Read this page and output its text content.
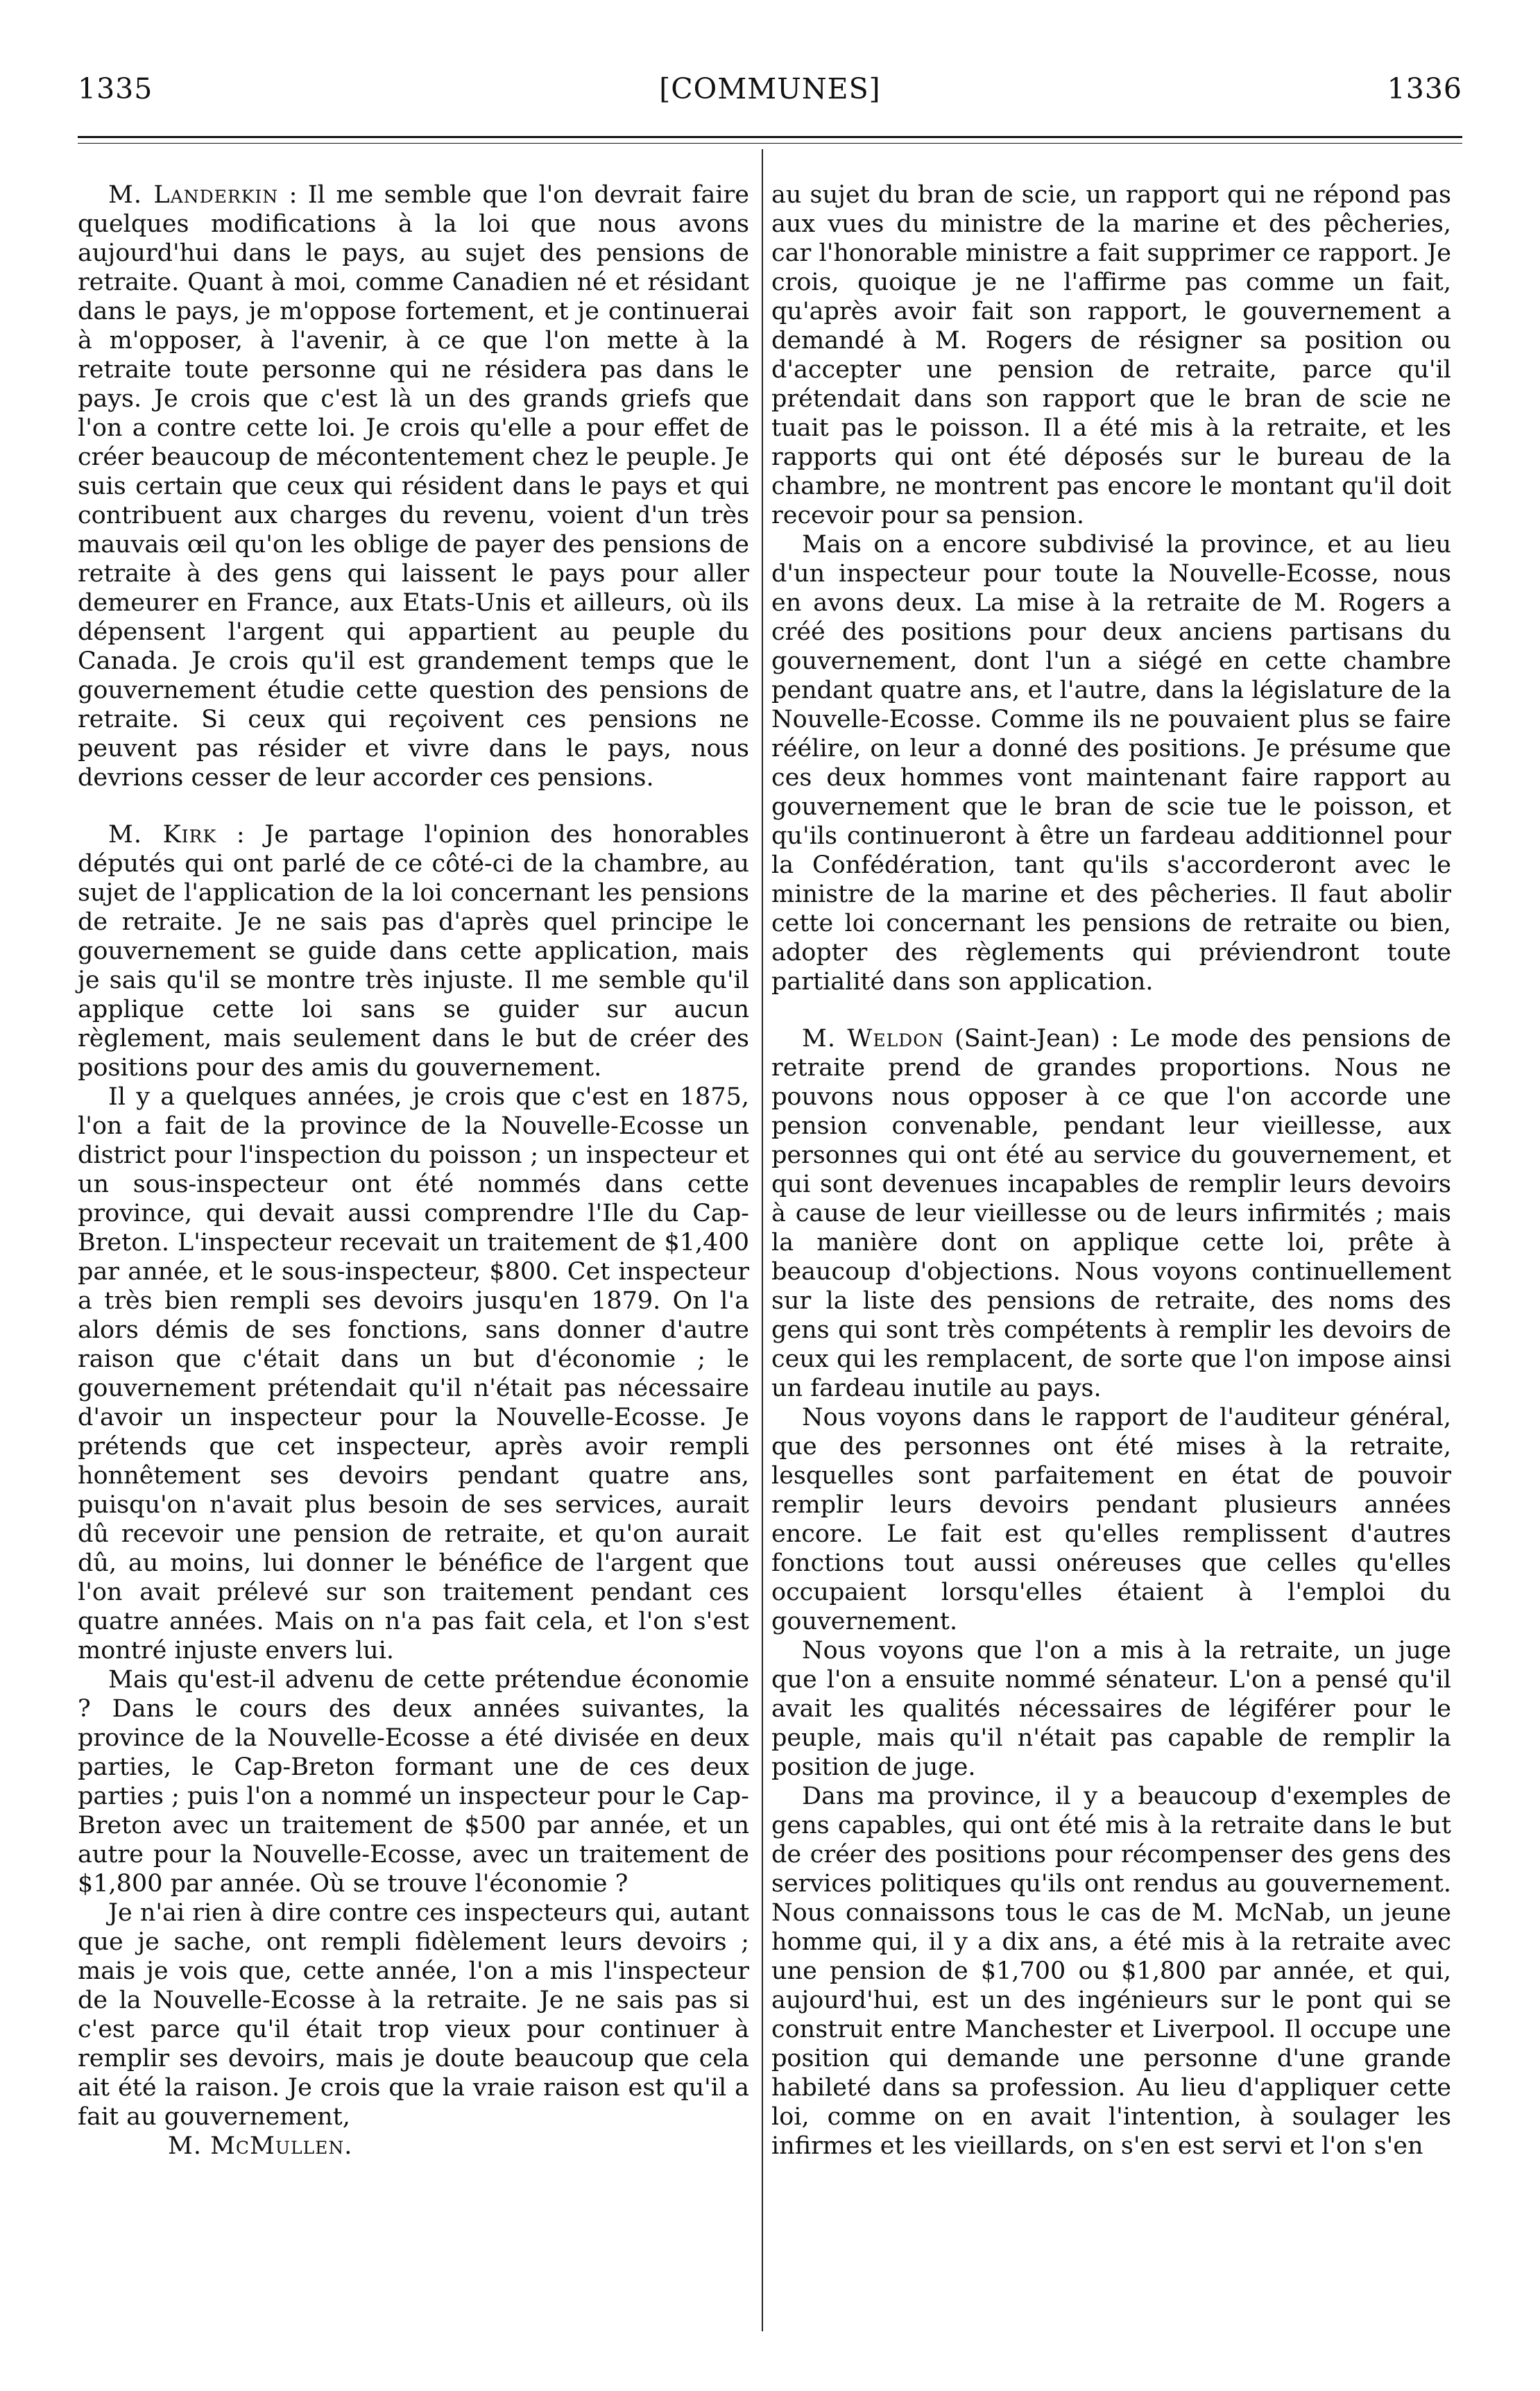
1335	[COMMUNES]	1336

M. Landerkin : Il me semble que l'on devrait faire quelques modifications à la loi que nous avons aujourd'hui dans le pays, au sujet des pensions de retraite. Quant à moi, comme Canadien né et résidant dans le pays, je m'oppose fortement, et je continuerai à m'opposer, à l'avenir, à ce que l'on mette à la retraite toute personne qui ne résidera pas dans le pays. Je crois que c'est là un des grands griefs que l'on a contre cette loi. Je crois qu'elle a pour effet de créer beaucoup de mécontentement chez le peuple. Je suis certain que ceux qui résident dans le pays et qui contribuent aux charges du revenu, voient d'un très mauvais œil qu'on les oblige de payer des pensions de retraite à des gens qui laissent le pays pour aller demeurer en France, aux Etats-Unis et ailleurs, où ils dépensent l'argent qui appartient au peuple du Canada. Je crois qu'il est grandement temps que le gouvernement étudie cette question des pensions de retraite. Si ceux qui reçoivent ces pensions ne peuvent pas résider et vivre dans le pays, nous devrions cesser de leur accorder ces pensions.

M. Kirk : Je partage l'opinion des honorables députés qui ont parlé de ce côté-ci de la chambre, au sujet de l'application de la loi concernant les pensions de retraite. Je ne sais pas d'après quel principe le gouvernement se guide dans cette application, mais je sais qu'il se montre très injuste. Il me semble qu'il applique cette loi sans se guider sur aucun règlement, mais seulement dans le but de créer des positions pour des amis du gouvernement.

Il y a quelques années, je crois que c'est en 1875, l'on a fait de la province de la Nouvelle-Ecosse un district pour l'inspection du poisson ; un inspecteur et un sous-inspecteur ont été nommés dans cette province, qui devait aussi comprendre l'Ile du Cap-Breton. L'inspecteur recevait un traitement de $1,400 par année, et le sous-inspecteur, $800. Cet inspecteur a très bien rempli ses devoirs jusqu'en 1879. On l'a alors démis de ses fonctions, sans donner d'autre raison que c'était dans un but d'économie ; le gouvernement prétendait qu'il n'était pas nécessaire d'avoir un inspecteur pour la Nouvelle-Ecosse. Je prétends que cet inspecteur, après avoir rempli honnêtement ses devoirs pendant quatre ans, puisqu'on n'avait plus besoin de ses services, aurait dû recevoir une pension de retraite, et qu'on aurait dû, au moins, lui donner le bénéfice de l'argent que l'on avait prélevé sur son traitement pendant ces quatre années. Mais on n'a pas fait cela, et l'on s'est montré injuste envers lui.

Mais qu'est-il advenu de cette prétendue économie ? Dans le cours des deux années suivantes, la province de la Nouvelle-Ecosse a été divisée en deux parties, le Cap-Breton formant une de ces deux parties ; puis l'on a nommé un inspecteur pour le Cap-Breton avec un traitement de $500 par année, et un autre pour la Nouvelle-Ecosse, avec un traitement de $1,800 par année. Où se trouve l'économie ?

Je n'ai rien à dire contre ces inspecteurs qui, autant que je sache, ont rempli fidèlement leurs devoirs ; mais je vois que, cette année, l'on a mis l'inspecteur de la Nouvelle-Ecosse à la retraite. Je ne sais pas si c'est parce qu'il était trop vieux pour continuer à remplir ses devoirs, mais je doute beaucoup que cela ait été la raison. Je crois que la vraie raison est qu'il a fait au gouvernement,

M. McMullen.

au sujet du bran de scie, un rapport qui ne répond pas aux vues du ministre de la marine et des pêcheries, car l'honorable ministre a fait supprimer ce rapport. Je crois, quoique je ne l'affirme pas comme un fait, qu'après avoir fait son rapport, le gouvernement a demandé à M. Rogers de résigner sa position ou d'accepter une pension de retraite, parce qu'il prétendait dans son rapport que le bran de scie ne tuait pas le poisson. Il a été mis à la retraite, et les rapports qui ont été déposés sur le bureau de la chambre, ne montrent pas encore le montant qu'il doit recevoir pour sa pension.

Mais on a encore subdivisé la province, et au lieu d'un inspecteur pour toute la Nouvelle-Ecosse, nous en avons deux. La mise à la retraite de M. Rogers a créé des positions pour deux anciens partisans du gouvernement, dont l'un a siégé en cette chambre pendant quatre ans, et l'autre, dans la législature de la Nouvelle-Ecosse. Comme ils ne pouvaient plus se faire réélire, on leur a donné des positions. Je présume que ces deux hommes vont maintenant faire rapport au gouvernement que le bran de scie tue le poisson, et qu'ils continueront à être un fardeau additionnel pour la Confédération, tant qu'ils s'accorderont avec le ministre de la marine et des pêcheries. Il faut abolir cette loi concernant les pensions de retraite ou bien, adopter des règlements qui préviendront toute partialité dans son application.

M. Weldon (Saint-Jean) : Le mode des pensions de retraite prend de grandes proportions. Nous ne pouvons nous opposer à ce que l'on accorde une pension convenable, pendant leur vieillesse, aux personnes qui ont été au service du gouvernement, et qui sont devenues incapables de remplir leurs devoirs à cause de leur vieillesse ou de leurs infirmités ; mais la manière dont on applique cette loi, prête à beaucoup d'objections. Nous voyons continuellement sur la liste des pensions de retraite, des noms des gens qui sont très compétents à remplir les devoirs de ceux qui les remplacent, de sorte que l'on impose ainsi un fardeau inutile au pays.

Nous voyons dans le rapport de l'auditeur général, que des personnes ont été mises à la retraite, lesquelles sont parfaitement en état de pouvoir remplir leurs devoirs pendant plusieurs années encore. Le fait est qu'elles remplissent d'autres fonctions tout aussi onéreuses que celles qu'elles occupaient lorsqu'elles étaient à l'emploi du gouvernement.

Nous voyons que l'on a mis à la retraite, un juge que l'on a ensuite nommé sénateur. L'on a pensé qu'il avait les qualités nécessaires de légiférer pour le peuple, mais qu'il n'était pas capable de remplir la position de juge.

Dans ma province, il y a beaucoup d'exemples de gens capables, qui ont été mis à la retraite dans le but de créer des positions pour récompenser des gens des services politiques qu'ils ont rendus au gouvernement. Nous connaissons tous le cas de M. McNab, un jeune homme qui, il y a dix ans, a été mis à la retraite avec une pension de $1,700 ou $1,800 par année, et qui, aujourd'hui, est un des ingénieurs sur le pont qui se construit entre Manchester et Liverpool. Il occupe une position qui demande une personne d'une grande habileté dans sa profession. Au lieu d'appliquer cette loi, comme on en avait l'intention, à soulager les infirmes et les vieillards, on s'en est servi et l'on s'en
